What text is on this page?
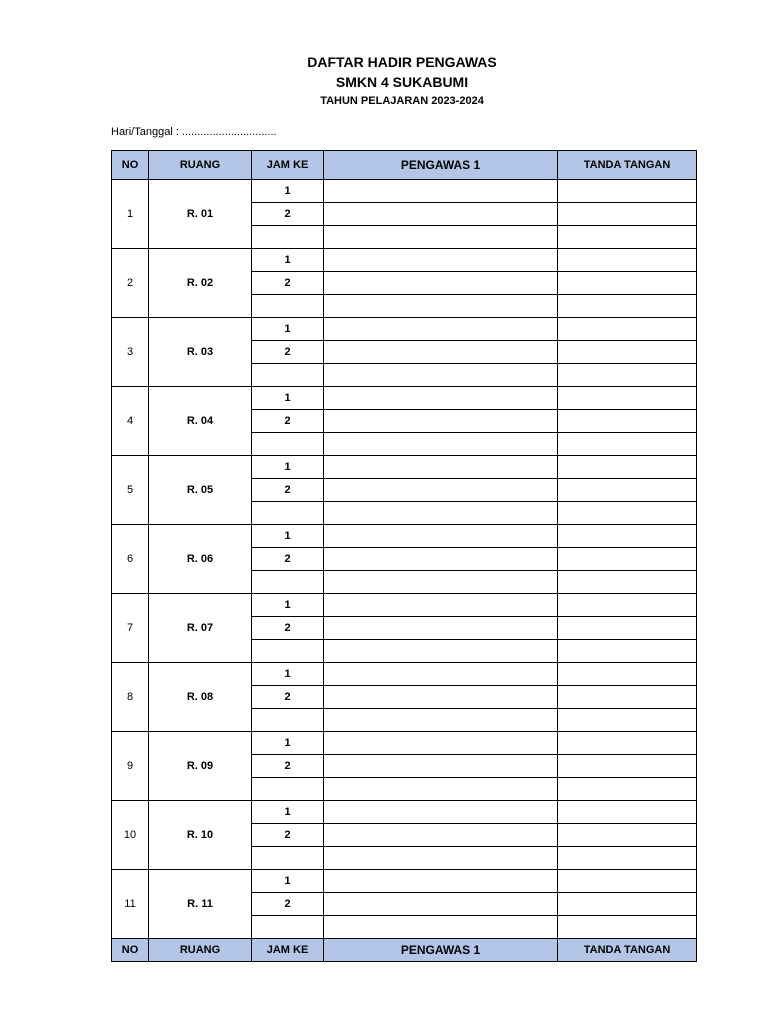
DAFTAR HADIR PENGAWAS
SMKN 4 SUKABUMI
TAHUN PELAJARAN 2023-2024
Hari/Tanggal : ...............................
NO	RUANG	JAM KE	PENGAWAS 1	TANDA TANGAN
1	R. 01	1		
		2		

2	R. 02	1		
		2		

3	R. 03	1		
		2		

4	R. 04	1		
		2		

5	R. 05	1		
		2		

6	R. 06	1		
		2		

7	R. 07	1		
		2		

8	R. 08	1		
		2		

9	R. 09	1		
		2		

10	R. 10	1		
		2		

11	R. 11	1		
		2		

NO	RUANG	JAM KE	PENGAWAS 1	TANDA TANGAN
